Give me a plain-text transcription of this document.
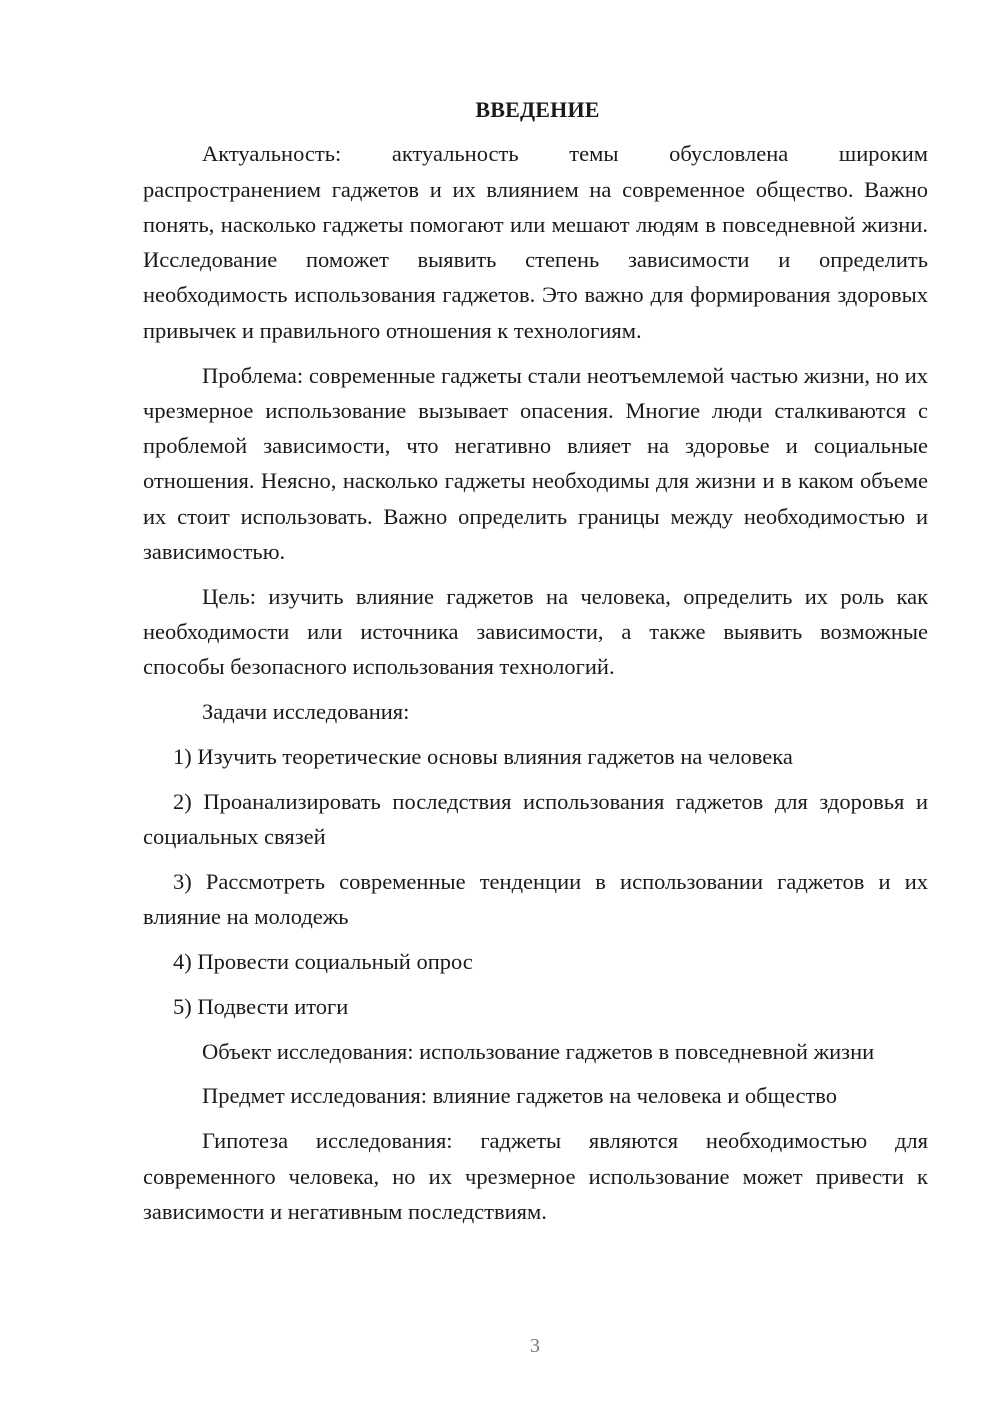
ВВЕДЕНИЕ

Актуальность: актуальность темы обусловлена широким распространением гаджетов и их влиянием на современное общество. Важно понять, насколько гаджеты помогают или мешают людям в повседневной жизни. Исследование поможет выявить степень зависимости и определить необходимость использования гаджетов. Это важно для формирования здоровых привычек и правильного отношения к технологиям.

Проблема: современные гаджеты стали неотъемлемой частью жизни, но их чрезмерное использование вызывает опасения. Многие люди сталкиваются с проблемой зависимости, что негативно влияет на здоровье и социальные отношения. Неясно, насколько гаджеты необходимы для жизни и в каком объеме их стоит использовать. Важно определить границы между необходимостью и зависимостью.

Цель: изучить влияние гаджетов на человека, определить их роль как необходимости или источника зависимости, а также выявить возможные способы безопасного использования технологий.

Задачи исследования:

1) Изучить теоретические основы влияния гаджетов на человека

2) Проанализировать последствия использования гаджетов для здоровья и социальных связей

3) Рассмотреть современные тенденции в использовании гаджетов и их влияние на молодежь

4) Провести социальный опрос

5) Подвести итоги

Объект исследования: использование гаджетов в повседневной жизни

Предмет исследования: влияние гаджетов на человека и общество

Гипотеза исследования: гаджеты являются необходимостью для современного человека, но их чрезмерное использование может привести к зависимости и негативным последствиям.

3
